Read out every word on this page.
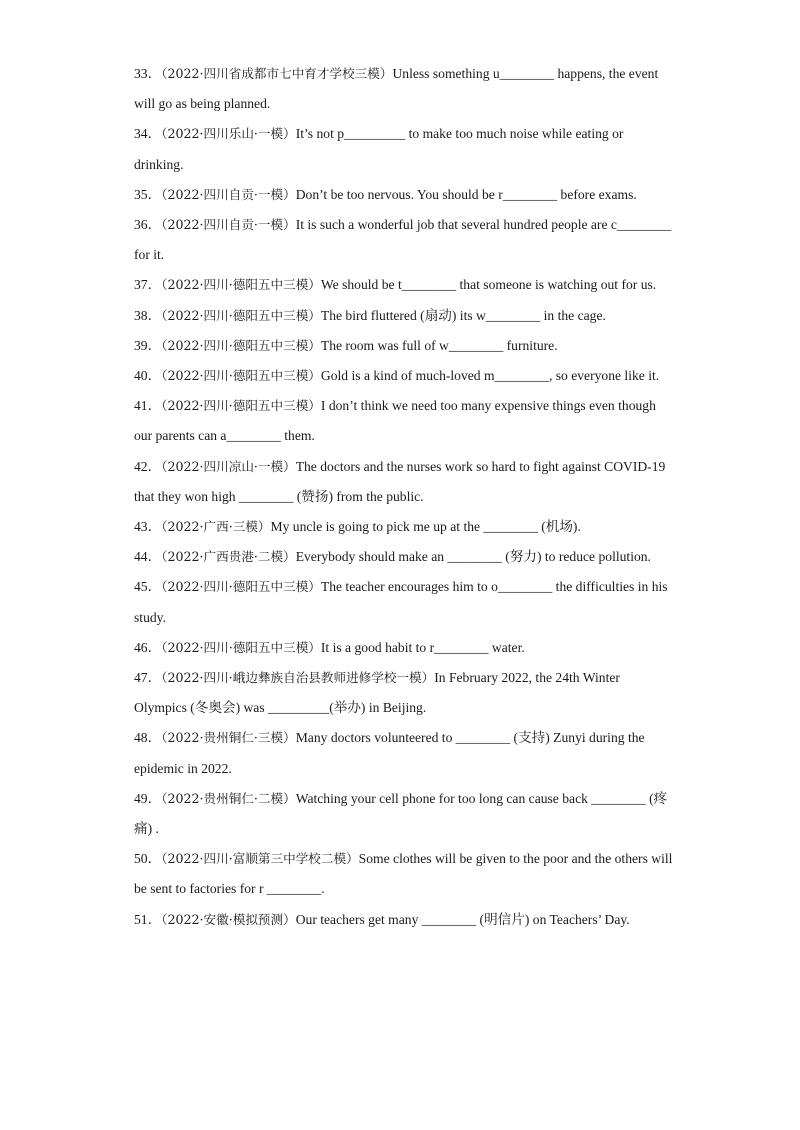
33．（2022·四川省成都市七中育才学校三模）Unless something u________ happens, the event will go as being planned.

34．（2022·四川乐山·一模）It’s not p_________ to make too much noise while eating or drinking.

35．（2022·四川自贡·一模）Don’t be too nervous. You should be r________ before exams.

36．（2022·四川自贡·一模）It is such a wonderful job that several hundred people are c________ for it.

37．（2022·四川·德阳五中三模）We should be t________ that someone is watching out for us.

38．（2022·四川·德阳五中三模）The bird fluttered (扇动) its w________ in the cage.

39．（2022·四川·德阳五中三模）The room was full of w________ furniture.

40．（2022·四川·德阳五中三模）Gold is a kind of much-loved m________, so everyone like it.

41．（2022·四川·德阳五中三模）I don’t think we need too many expensive things even though our parents can a________ them.

42．（2022·四川凉山·一模）The doctors and the nurses work so hard to fight against COVID-19 that they won high ________ (赞扬) from the public.

43．（2022·广西·三模）My uncle is going to pick me up at the ________ (机场).

44．（2022·广西贵港·二模）Everybody should make an ________ (努力) to reduce pollution.

45．（2022·四川·德阳五中三模）The teacher encourages him to o________ the difficulties in his study.

46．（2022·四川·德阳五中三模）It is a good habit to r________ water.

47．（2022·四川·峨边彝族自治县教师进修学校一模）In February 2022, the 24th Winter Olympics (冬奥会) was _________(举办) in Beijing.

48．（2022·贵州铜仁·三模）Many doctors volunteered to ________ (支持) Zunyi during the epidemic in 2022.

49．（2022·贵州铜仁·二模）Watching your cell phone for too long can cause back ________ (疼痛) .

50．（2022·四川·富顺第三中学校二模）Some clothes will be given to the poor and the others will be sent to factories for r ________.

51．（2022·安徽·模拟预测）Our teachers get many ________ (明信片) on Teachers’ Day.
